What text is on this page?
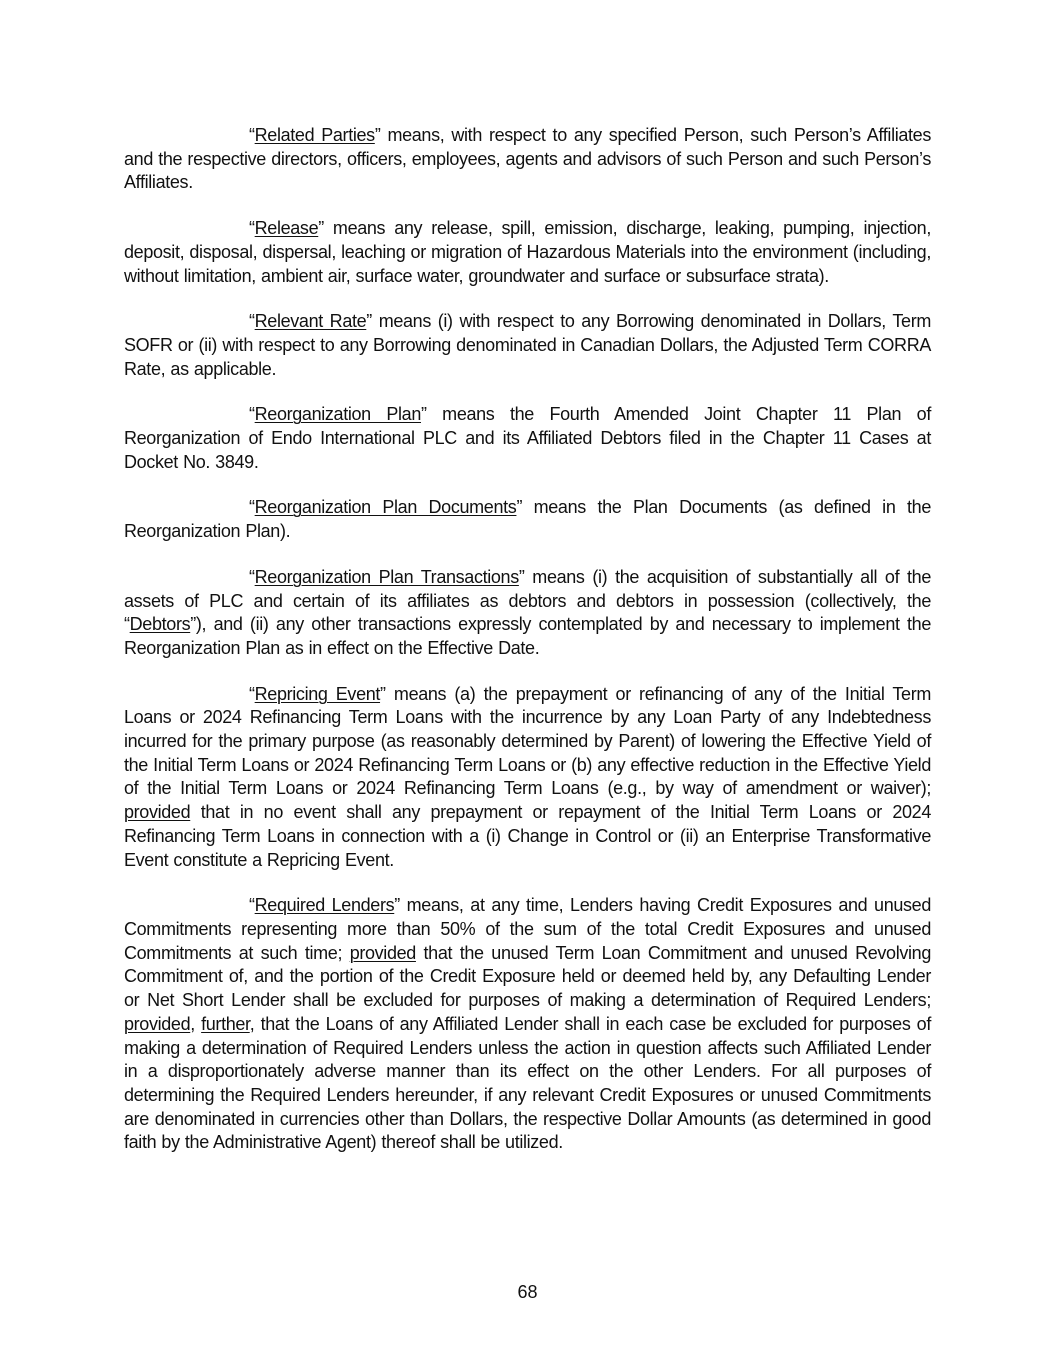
“Related Parties” means, with respect to any specified Person, such Person’s Affiliates and the respective directors, officers, employees, agents and advisors of such Person and such Person’s Affiliates.

“Release” means any release, spill, emission, discharge, leaking, pumping, injection, deposit, disposal, dispersal, leaching or migration of Hazardous Materials into the environment (including, without limitation, ambient air, surface water, groundwater and surface or subsurface strata).

“Relevant Rate” means (i) with respect to any Borrowing denominated in Dollars, Term SOFR or (ii) with respect to any Borrowing denominated in Canadian Dollars, the Adjusted Term CORRA Rate, as applicable.

“Reorganization Plan” means the Fourth Amended Joint Chapter 11 Plan of Reorganization of Endo International PLC and its Affiliated Debtors filed in the Chapter 11 Cases at Docket No. 3849.

“Reorganization Plan Documents” means the Plan Documents (as defined in the Reorganization Plan).

“Reorganization Plan Transactions” means (i) the acquisition of substantially all of the assets of PLC and certain of its affiliates as debtors and debtors in possession (collectively, the “Debtors”), and (ii) any other transactions expressly contemplated by and necessary to implement the Reorganization Plan as in effect on the Effective Date.

“Repricing Event” means (a) the prepayment or refinancing of any of the Initial Term Loans or 2024 Refinancing Term Loans with the incurrence by any Loan Party of any Indebtedness incurred for the primary purpose (as reasonably determined by Parent) of lowering the Effective Yield of the Initial Term Loans or 2024 Refinancing Term Loans or (b) any effective reduction in the Effective Yield of the Initial Term Loans or 2024 Refinancing Term Loans (e.g., by way of amendment or waiver); provided that in no event shall any prepayment or repayment of the Initial Term Loans or 2024 Refinancing Term Loans in connection with a (i) Change in Control or (ii) an Enterprise Transformative Event constitute a Repricing Event.

“Required Lenders” means, at any time, Lenders having Credit Exposures and unused Commitments representing more than 50% of the sum of the total Credit Exposures and unused Commitments at such time; provided that the unused Term Loan Commitment and unused Revolving Commitment of, and the portion of the Credit Exposure held or deemed held by, any Defaulting Lender or Net Short Lender shall be excluded for purposes of making a determination of Required Lenders; provided, further, that the Loans of any Affiliated Lender shall in each case be excluded for purposes of making a determination of Required Lenders unless the action in question affects such Affiliated Lender in a disproportionately adverse manner than its effect on the other Lenders. For all purposes of determining the Required Lenders hereunder, if any relevant Credit Exposures or unused Commitments are denominated in currencies other than Dollars, the respective Dollar Amounts (as determined in good faith by the Administrative Agent) thereof shall be utilized.

68
